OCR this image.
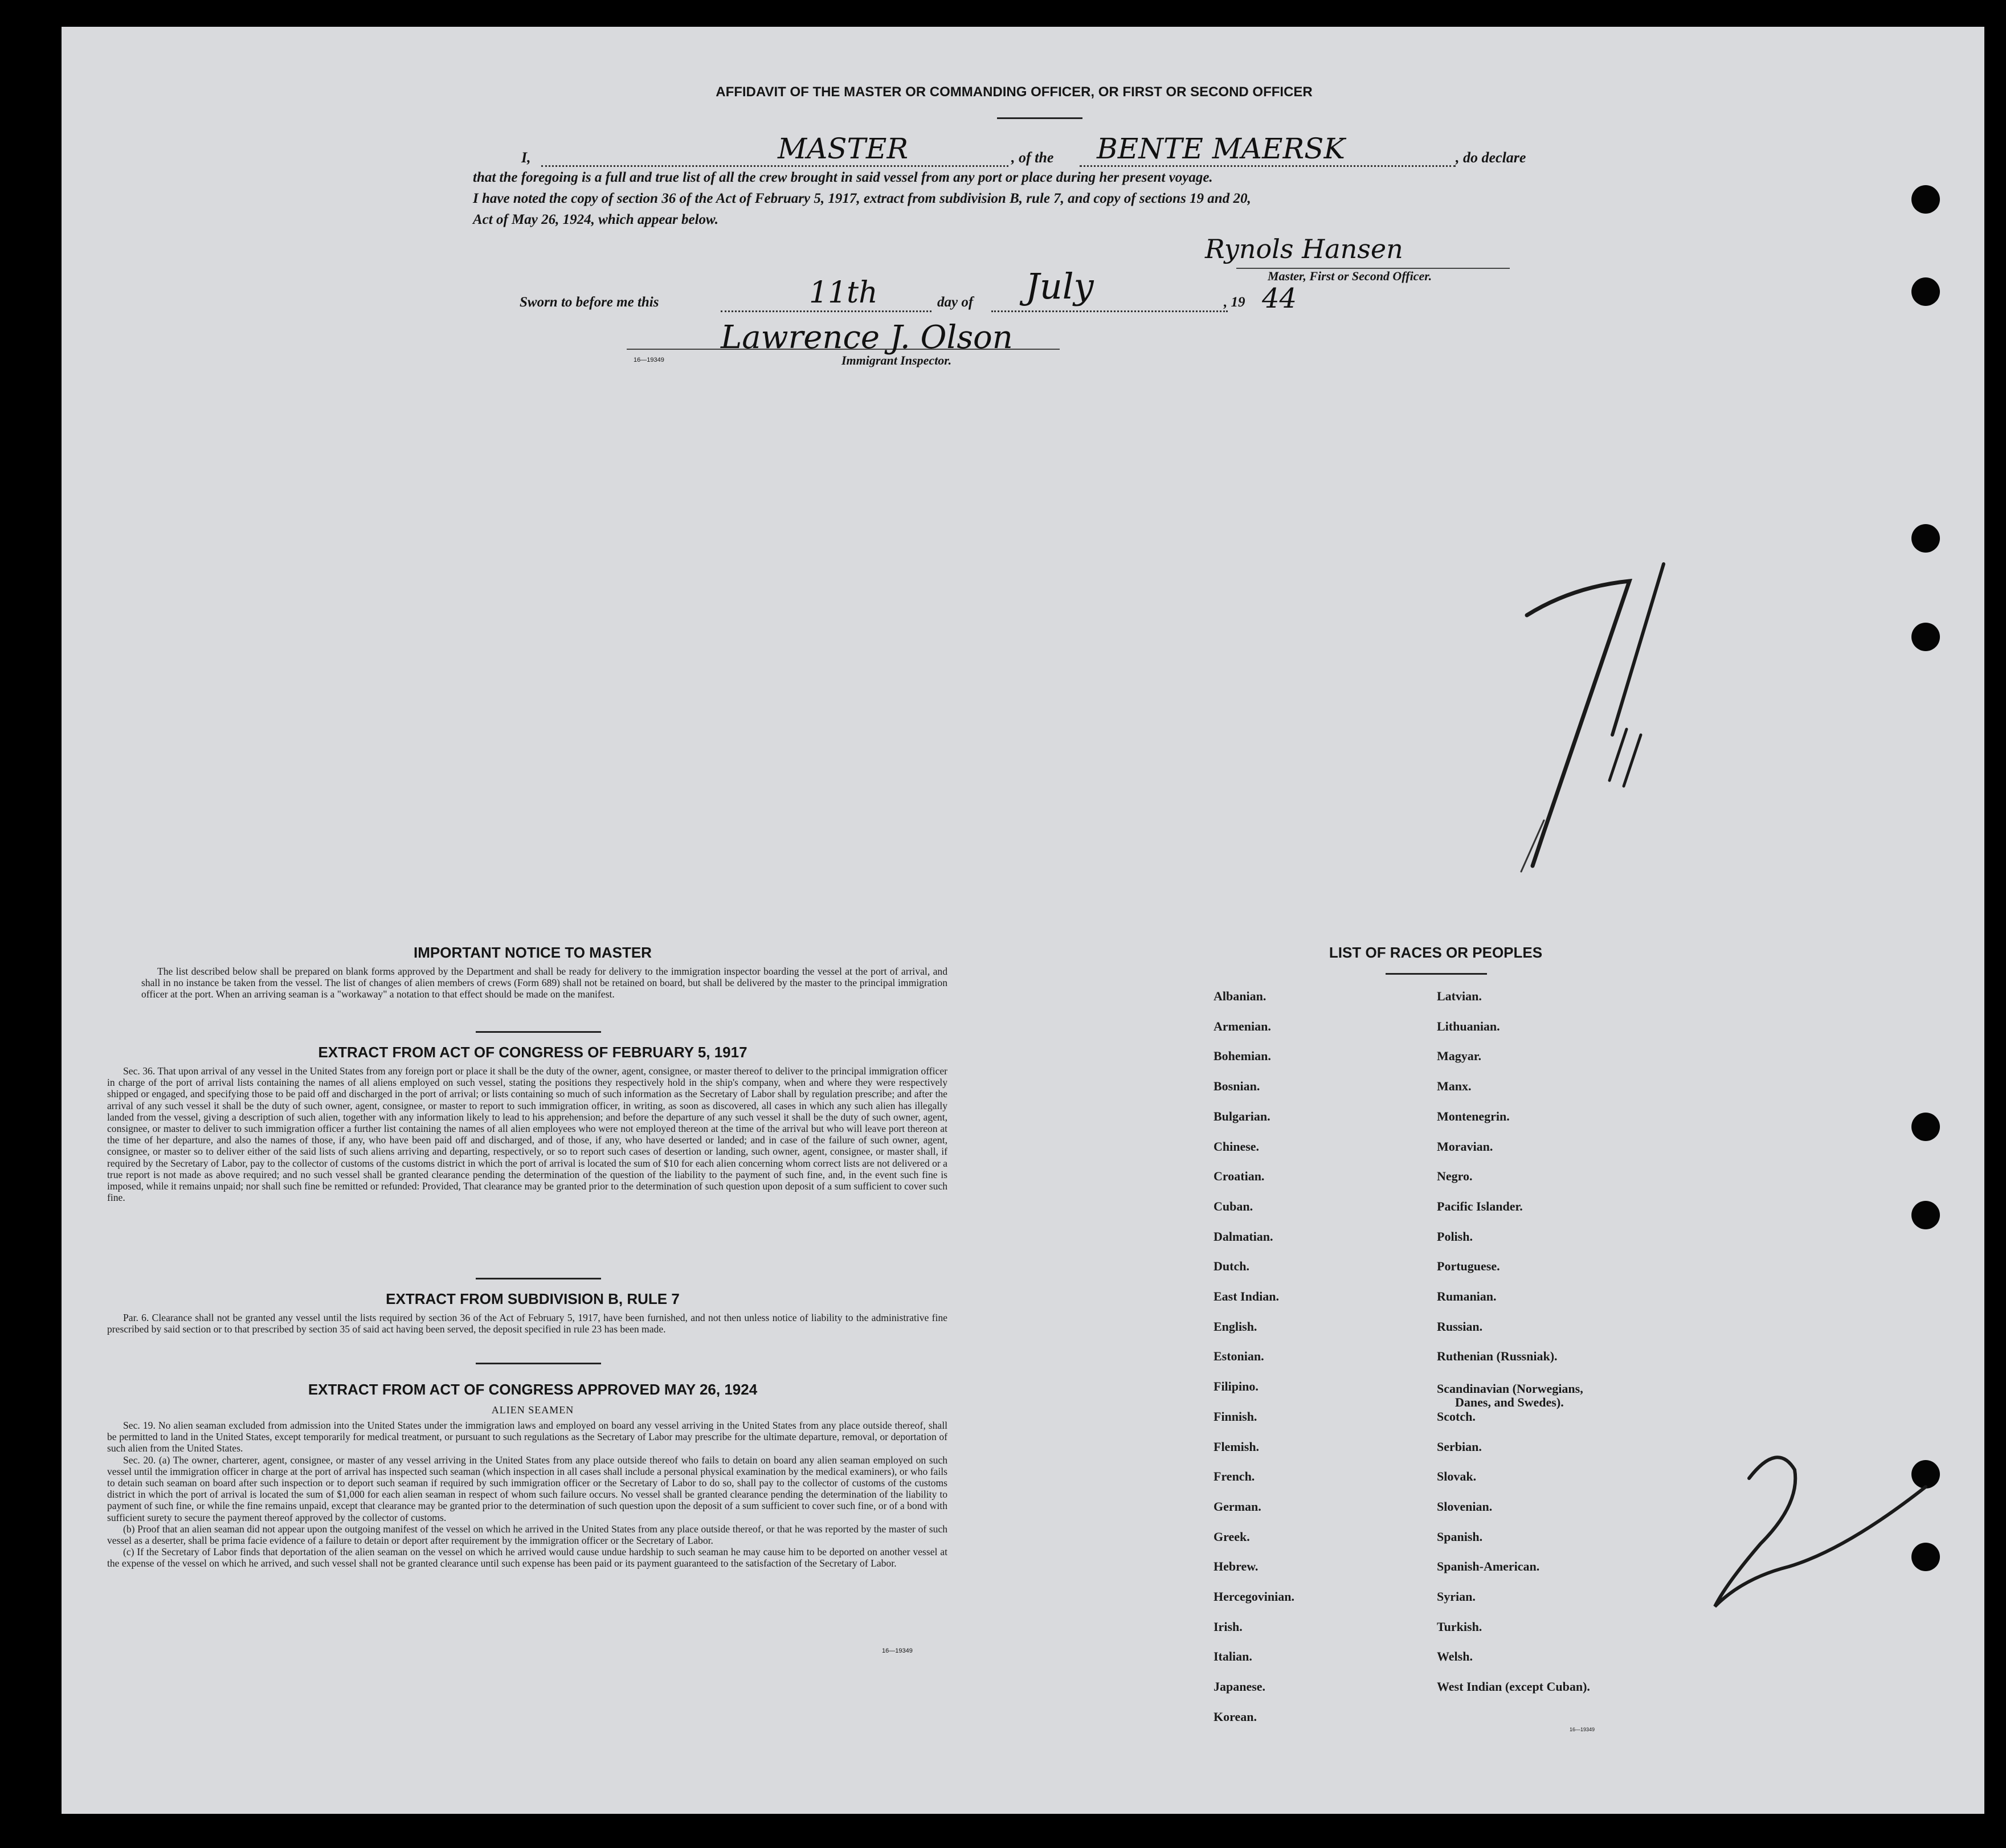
AFFIDAVIT OF THE MASTER OR COMMANDING OFFICER, OR FIRST OR SECOND OFFICER
I,	MASTER	, of the BENTE MAERSK	, do declare
that the foregoing is a full and true list of all the crew brought in said vessel from any port or place during her present voyage.
I have noted the copy of section 36 of the Act of February 5, 1917, extract from subdivision B, rule 7, and copy of sections 19 and 20,
Act of May 26, 1924, which appear below.
Rynols Hansen
Master, First or Second Officer.
Sworn to before me this	11th	day of July	, 19 44
Lawrence J. Olson
Immigrant Inspector.
16—19349
IMPORTANT NOTICE TO MASTER

The list described below shall be prepared on blank forms approved by the Department and shall be ready for delivery to the immigration inspector boarding the vessel at the port of arrival, and shall in no instance be taken from the vessel. The list of changes of alien members of crews (Form 689) shall not be retained on board, but shall be delivered by the master to the principal immigration officer at the port. When an arriving seaman is a "workaway" a notation to that effect should be made on the manifest.

EXTRACT FROM ACT OF CONGRESS OF FEBRUARY 5, 1917

Sec. 36. That upon arrival of any vessel in the United States from any foreign port or place it shall be the duty of the owner, agent, consignee, or master thereof to deliver to the principal immigration officer in charge of the port of arrival lists containing the names of all aliens employed on such vessel, stating the positions they respectively hold in the ship's company, when and where they were respectively shipped or engaged, and specifying those to be paid off and discharged in the port of arrival; or lists containing so much of such information as the Secretary of Labor shall by regulation prescribe; and after the arrival of any such vessel it shall be the duty of such owner, agent, consignee, or master to report to such immigration officer, in writing, as soon as discovered, all cases in which any such alien has illegally landed from the vessel, giving a description of such alien, together with any information likely to lead to his apprehension; and before the departure of any such vessel it shall be the duty of such owner, agent, consignee, or master to deliver to such immigration officer a further list containing the names of all alien employees who were not employed thereon at the time of the arrival but who will leave port thereon at the time of her departure, and also the names of those, if any, who have been paid off and discharged, and of those, if any, who have deserted or landed; and in case of the failure of such owner, agent, consignee, or master so to deliver either of the said lists of such aliens arriving and departing, respectively, or so to report such cases of desertion or landing, such owner, agent, consignee, or master shall, if required by the Secretary of Labor, pay to the collector of customs of the customs district in which the port of arrival is located the sum of $10 for each alien concerning whom correct lists are not delivered or a true report is not made as above required; and no such vessel shall be granted clearance pending the determination of the question of the liability to the payment of such fine, and, in the event such fine is imposed, while it remains unpaid; nor shall such fine be remitted or refunded: Provided, That clearance may be granted prior to the determination of such question upon deposit of a sum sufficient to cover such fine.

EXTRACT FROM SUBDIVISION B, RULE 7

Par. 6. Clearance shall not be granted any vessel until the lists required by section 36 of the Act of February 5, 1917, have been furnished, and not then unless notice of liability to the administrative fine prescribed by said section or to that prescribed by section 35 of said act having been served, the deposit specified in rule 23 has been made.

EXTRACT FROM ACT OF CONGRESS APPROVED MAY 26, 1924
ALIEN SEAMEN

Sec. 19. No alien seaman excluded from admission into the United States under the immigration laws and employed on board any vessel arriving in the United States from any place outside thereof, shall be permitted to land in the United States, except temporarily for medical treatment, or pursuant to such regulations as the Secretary of Labor may prescribe for the ultimate departure, removal, or deportation of such alien from the United States.

Sec. 20. (a) The owner, charterer, agent, consignee, or master of any vessel arriving in the United States from any place outside thereof who fails to detain on board any alien seaman employed on such vessel until the immigration officer in charge at the port of arrival has inspected such seaman (which inspection in all cases shall include a personal physical examination by the medical examiners), or who fails to detain such seaman on board after such inspection or to deport such seaman if required by such immigration officer or the Secretary of Labor to do so, shall pay to the collector of customs of the customs district in which the port of arrival is located the sum of $1,000 for each alien seaman in respect of whom such failure occurs. No vessel shall be granted clearance pending the determination of the liability to payment of such fine, or while the fine remains unpaid, except that clearance may be granted prior to the determination of such question upon the deposit of a sum sufficient to cover such fine, or of a bond with sufficient surety to secure the payment thereof approved by the collector of customs.

(b) Proof that an alien seaman did not appear upon the outgoing manifest of the vessel on which he arrived in the United States from any place outside thereof, or that he was reported by the master of such vessel as a deserter, shall be prima facie evidence of a failure to detain or deport after requirement by the immigration officer or the Secretary of Labor.

(c) If the Secretary of Labor finds that deportation of the alien seaman on the vessel on which he arrived would cause undue hardship to such seaman he may cause him to be deported on another vessel at the expense of the vessel on which he arrived, and such vessel shall not be granted clearance until such expense has been paid or its payment guaranteed to the satisfaction of the Secretary of Labor.

16—19349
LIST OF RACES OR PEOPLES
Albanian.
Armenian.
Bohemian.
Bosnian.
Bulgarian.
Chinese.
Croatian.
Cuban.
Dalmatian.
Dutch.
East Indian.
English.
Estonian.
Filipino.
Finnish.
Flemish.
French.
German.
Greek.
Hebrew.
Hercegovinian.
Irish.
Italian.
Japanese.
Korean.
Latvian.
Lithuanian.
Magyar.
Manx.
Montenegrin.
Moravian.
Negro.
Pacific Islander.
Polish.
Portuguese.
Rumanian.
Russian.
Ruthenian (Russniak).
Scandinavian (Norwegians,
Danes, and Swedes).
Scotch.
Serbian.
Slovak.
Slovenian.
Spanish.
Spanish-American.
Syrian.
Turkish.
Welsh.
West Indian (except Cuban).
16—19349
